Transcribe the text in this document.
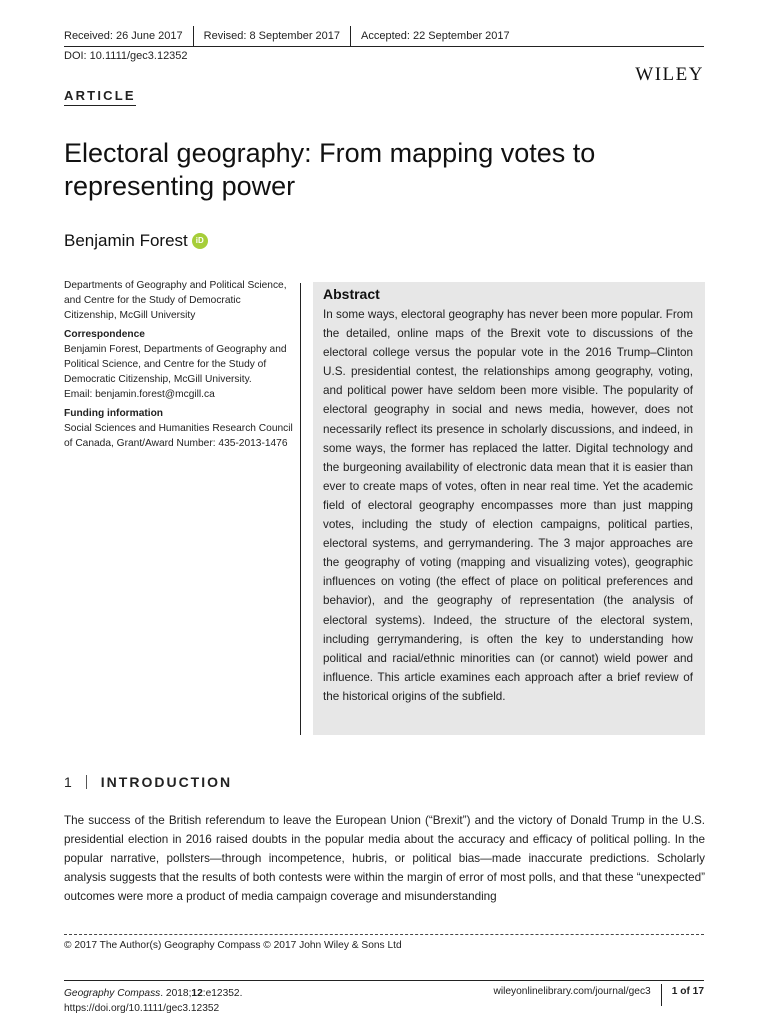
Received: 26 June 2017	Revised: 8 September 2017	Accepted: 22 September 2017
DOI: 10.1111/gec3.12352
WILEY
ARTICLE
Electoral geography: From mapping votes to representing power
Benjamin Forest	iD

Departments of Geography and Political Science, and Centre for the Study of Democratic Citizenship, McGill University

Correspondence

Benjamin Forest, Departments of Geography and Political Science, and Centre for the Study of Democratic Citizenship, McGill University.

Email: benjamin.forest@mcgill.ca

Funding information

Social Sciences and Humanities Research Council of Canada, Grant/Award Number: 435-2013-1476

Abstract

In some ways, electoral geography has never been more popular. From the detailed, online maps of the Brexit vote to discussions of the electoral college versus the popular vote in the 2016 Trump–Clinton U.S. presidential contest, the relationships among geography, voting, and political power have seldom been more visible. The popularity of electoral geography in social and news media, however, does not necessarily reflect its presence in scholarly discussions, and indeed, in some ways, the former has replaced the latter. Digital technology and the burgeoning availability of electronic data mean that it is easier than ever to create maps of votes, often in near real time. Yet the academic field of electoral geography encompasses more than just mapping votes, including the study of election campaigns, political parties, electoral systems, and gerrymandering. The 3 major approaches are the geography of voting (mapping and visualizing votes), geographic influences on voting (the effect of place on political preferences and behavior), and the geography of representation (the analysis of electoral systems). Indeed, the structure of the electoral system, including gerrymandering, is often the key to understanding how political and racial/ethnic minorities can (or cannot) wield power and influence. This article examines each approach after a brief review of the historical origins of the subfield.

1 INTRODUCTION

The success of the British referendum to leave the European Union (“Brexit”) and the victory of Donald Trump in the U.S. presidential election in 2016 raised doubts in the popular media about the accuracy and efficacy of political polling. In the popular narrative, pollsters—through incompetence, hubris, or political bias—made inaccurate predictions. Scholarly analysis suggests that the results of both contests were within the margin of error of most polls, and that these “unexpected” outcomes were more a product of media campaign coverage and misunderstanding

© 2017 The Author(s) Geography Compass © 2017 John Wiley & Sons Ltd
Geography Compass. 2018;12:e12352.
https://doi.org/10.1111/gec3.12352
wileyonlinelibrary.com/journal/gec3 1 of 17
